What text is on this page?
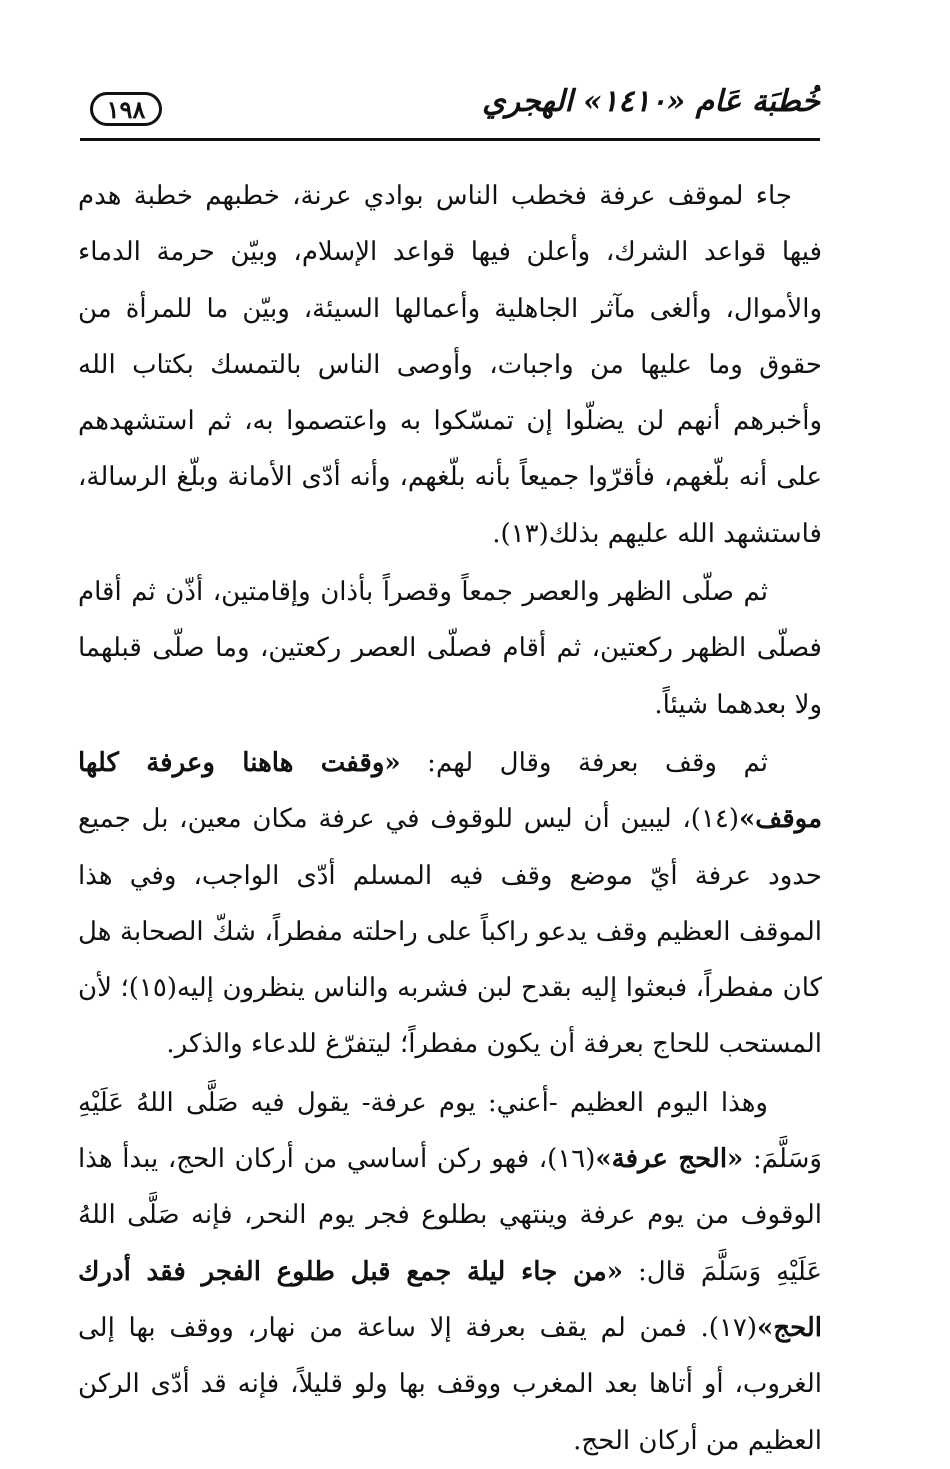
١٩٨	خُطبَة عَام «١٤١٠» الهجري

جاء لموقف عرفة فخطب الناس بوادي عرنة، خطبهم خطبة هدم فيها قواعد الشرك، وأعلن فيها قواعد الإسلام، وبيّن حرمة الدماء والأموال، وألغى مآثر الجاهلية وأعمالها السيئة، وبيّن ما للمرأة من حقوق وما عليها من واجبات، وأوصى الناس بالتمسك بكتاب الله وأخبرهم أنهم لن يضلّوا إن تمسّكوا به واعتصموا به، ثم استشهدهم على أنه بلّغهم، فأقرّوا جميعاً بأنه بلّغهم، وأنه أدّى الأمانة وبلّغ الرسالة، فاستشهد الله عليهم بذلك(١٣).

ثم صلّى الظهر والعصر جمعاً وقصراً بأذان وإقامتين، أذّن ثم أقام فصلّى الظهر ركعتين، ثم أقام فصلّى العصر ركعتين، وما صلّى قبلهما ولا بعدهما شيئاً.

ثم وقف بعرفة وقال لهم: «وقفت هاهنا وعرفة كلها موقف»(١٤)، ليبين أن ليس للوقوف في عرفة مكان معين، بل جميع حدود عرفة أيّ موضع وقف فيه المسلم أدّى الواجب، وفي هذا الموقف العظيم وقف يدعو راكباً على راحلته مفطراً، شكّ الصحابة هل كان مفطراً، فبعثوا إليه بقدح لبن فشربه والناس ينظرون إليه(١٥)؛ لأن المستحب للحاج بعرفة أن يكون مفطراً؛ ليتفرّغ للدعاء والذكر.

وهذا اليوم العظيم -أعني: يوم عرفة- يقول فيه صَلَّى اللهُ عَلَيْهِ وَسَلَّمَ: «الحج عرفة»(١٦)، فهو ركن أساسي من أركان الحج، يبدأ هذا الوقوف من يوم عرفة وينتهي بطلوع فجر يوم النحر، فإنه صَلَّى اللهُ عَلَيْهِ وَسَلَّمَ قال: «من جاء ليلة جمع قبل طلوع الفجر فقد أدرك الحج»(١٧). فمن لم يقف بعرفة إلا ساعة من نهار، ووقف بها إلى الغروب، أو أتاها بعد المغرب ووقف بها ولو قليلاً، فإنه قد أدّى الركن العظيم من أركان الحج.
